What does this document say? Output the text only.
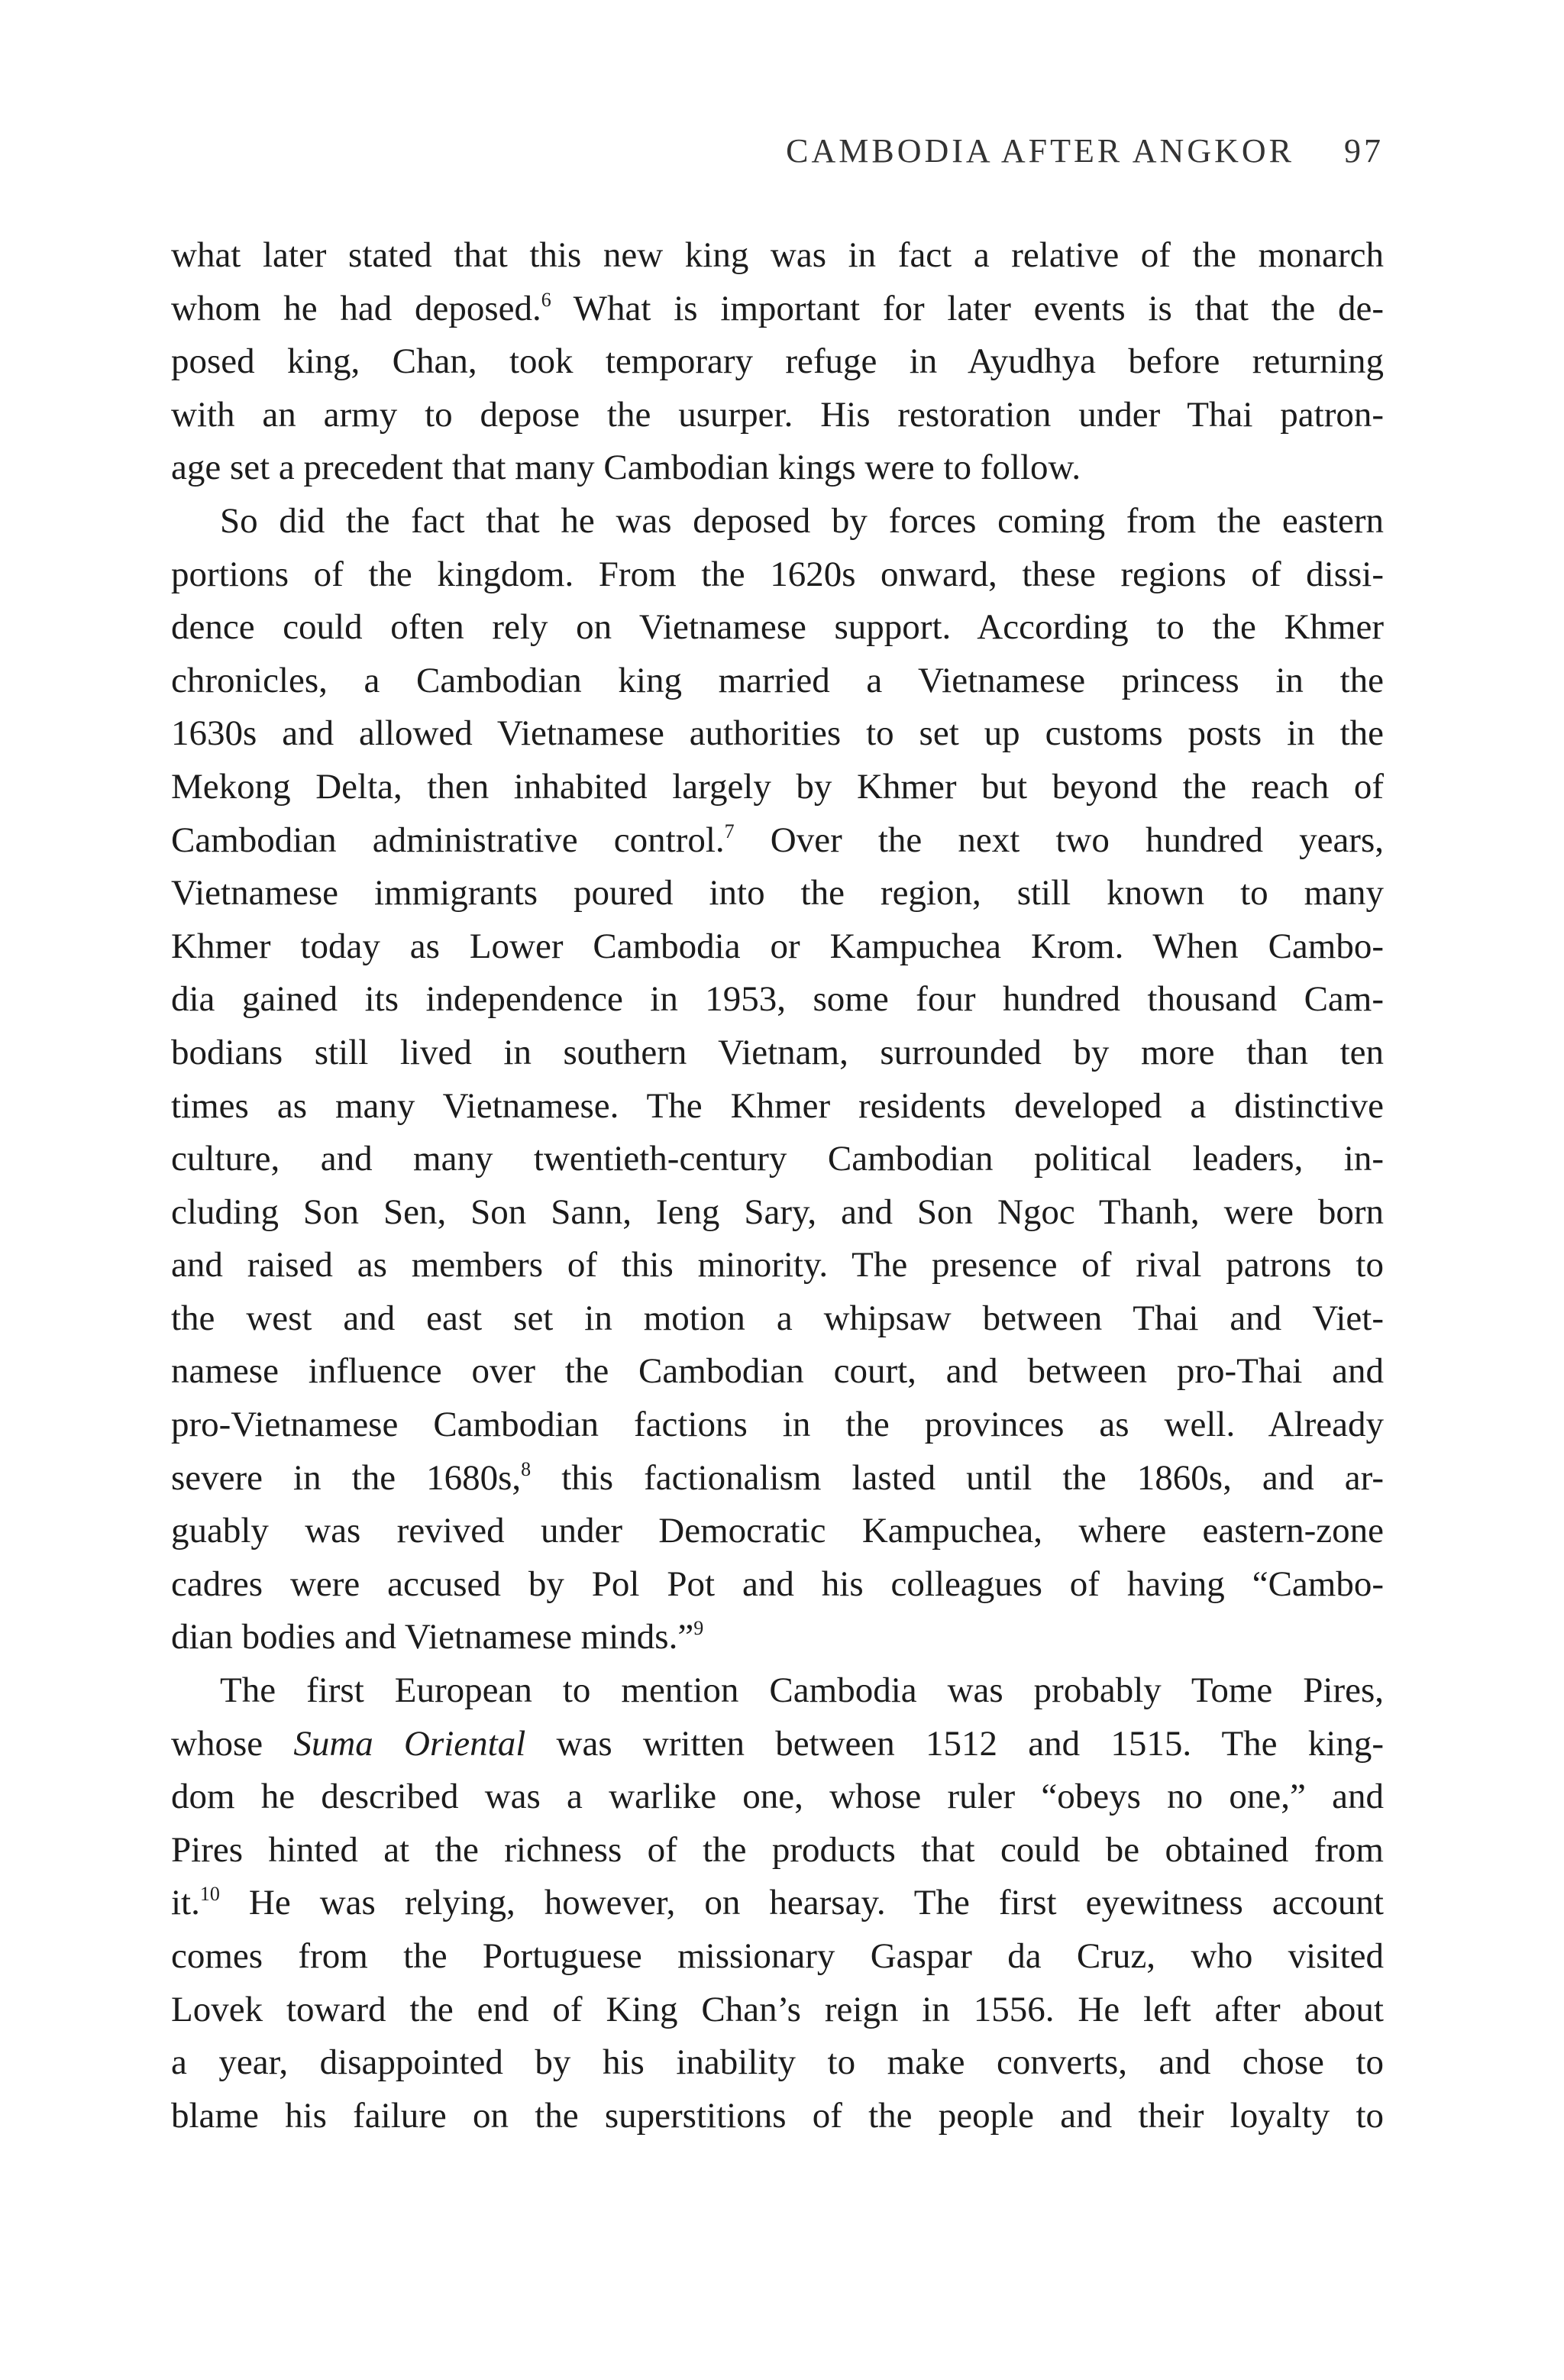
CAMBODIA AFTER ANGKOR 97
what later stated that this new king was in fact a relative of the monarch
whom he had deposed.$^6$ What is important for later events is that the de-
posed king, Chan, took temporary refuge in Ayudhya before returning
with an army to depose the usurper. His restoration under Thai patron-
age set a precedent that many Cambodian kings were to follow.
So did the fact that he was deposed by forces coming from the eastern
portions of the kingdom. From the 1620s onward, these regions of dissi-
dence could often rely on Vietnamese support. According to the Khmer
chronicles, a Cambodian king married a Vietnamese princess in the
1630s and allowed Vietnamese authorities to set up customs posts in the
Mekong Delta, then inhabited largely by Khmer but beyond the reach of
Cambodian administrative control.$^7$ Over the next two hundred years,
Vietnamese immigrants poured into the region, still known to many
Khmer today as Lower Cambodia or Kampuchea Krom. When Cambo-
dia gained its independence in 1953, some four hundred thousand Cam-
bodians still lived in southern Vietnam, surrounded by more than ten
times as many Vietnamese. The Khmer residents developed a distinctive
culture, and many twentieth-century Cambodian political leaders, in-
cluding Son Sen, Son Sann, Ieng Sary, and Son Ngoc Thanh, were born
and raised as members of this minority. The presence of rival patrons to
the west and east set in motion a whipsaw between Thai and Viet-
namese influence over the Cambodian court, and between pro-Thai and
pro-Vietnamese Cambodian factions in the provinces as well. Already
severe in the 1680s,$^8$ this factionalism lasted until the 1860s, and ar-
guably was revived under Democratic Kampuchea, where eastern-zone
cadres were accused by Pol Pot and his colleagues of having “Cambo-
dian bodies and Vietnamese minds.”$^9$
The first European to mention Cambodia was probably Tome Pires,
whose Suma Oriental was written between 1512 and 1515. The king-
dom he described was a warlike one, whose ruler “obeys no one,” and
Pires hinted at the richness of the products that could be obtained from
it.$^{10}$ He was relying, however, on hearsay. The first eyewitness account
comes from the Portuguese missionary Gaspar da Cruz, who visited
Lovek toward the end of King Chan’s reign in 1556. He left after about
a year, disappointed by his inability to make converts, and chose to
blame his failure on the superstitions of the people and their loyalty to
